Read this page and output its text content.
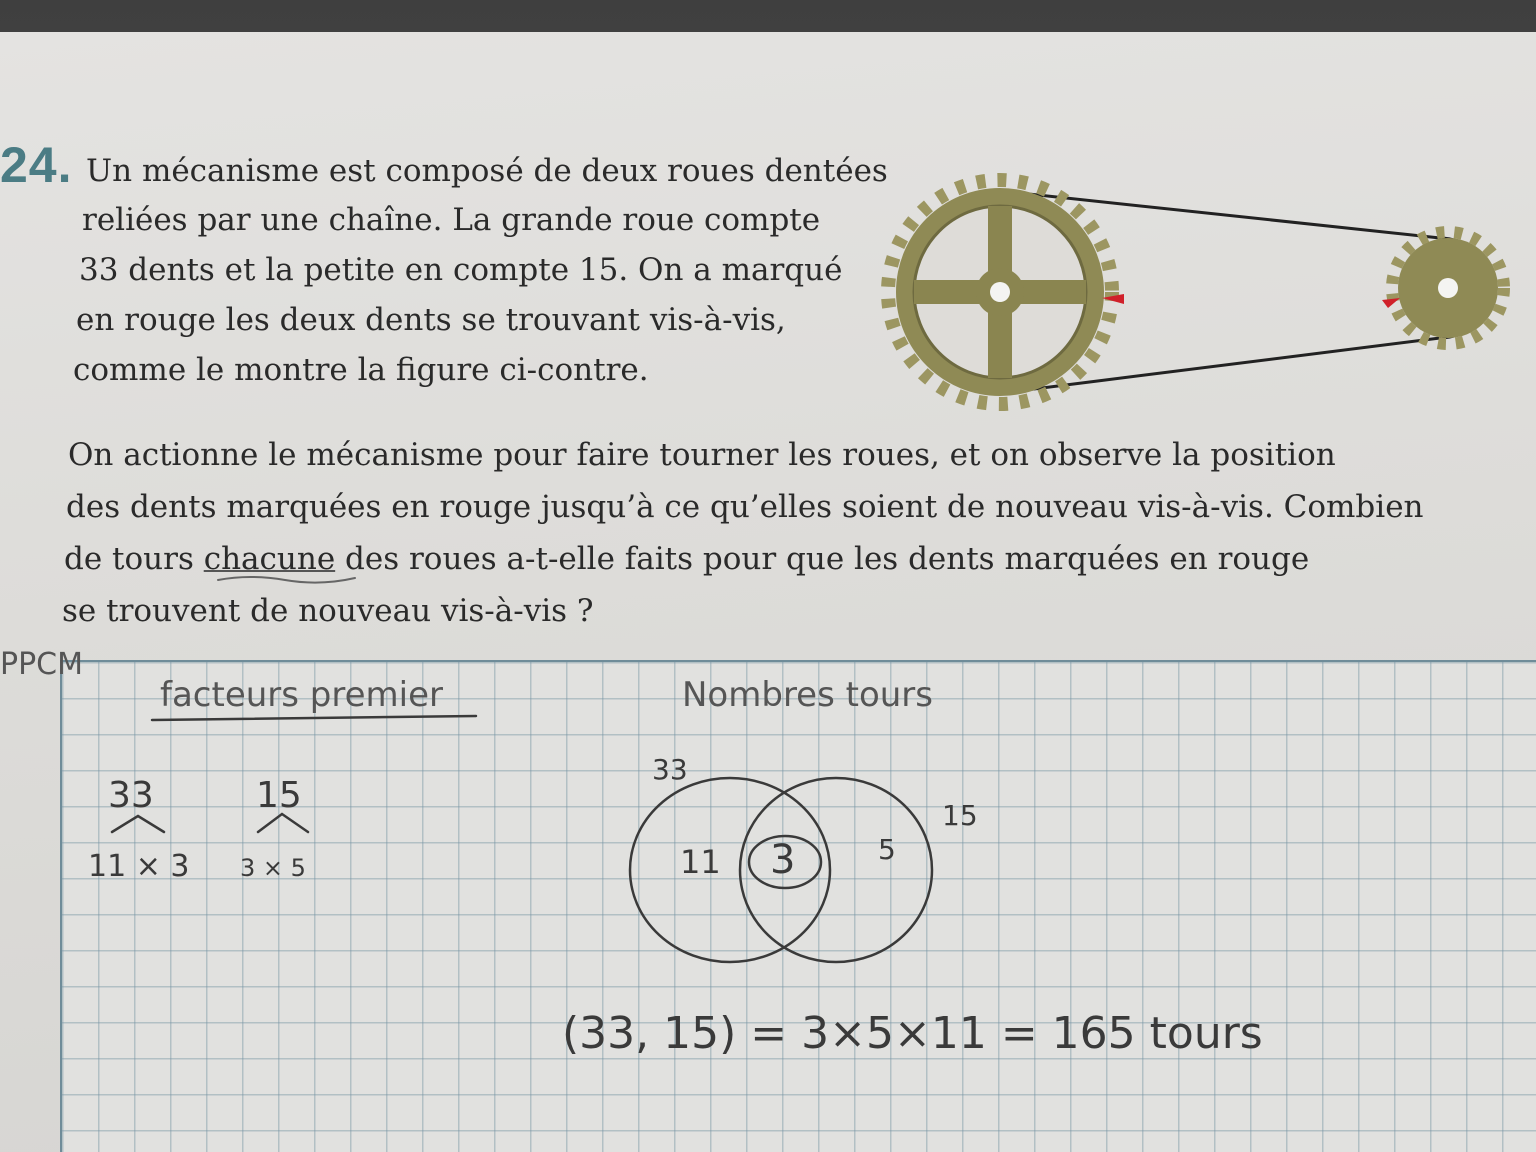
24. Un mécanisme est composé de deux roues dentées
reliées par une chaîne. La grande roue compte
33 dents et la petite en compte 15. On a marqué
en rouge les deux dents se trouvant vis-à-vis,
comme le montre la figure ci-contre.
On actionne le mécanisme pour faire tourner les roues, et on observe la position
des dents marquées en rouge jusqu’à ce qu’elles soient de nouveau vis-à-vis. Combien
de tours chacune des roues a-t-elle faits pour que les dents marquées en rouge
se trouvent de nouveau vis-à-vis ?
PPCM
facteurs premier	Nombres tours
33
11 × 3
15
3 × 5
33
15
11 3	5
(33, 15) = 3×5×11 = 165 tours
